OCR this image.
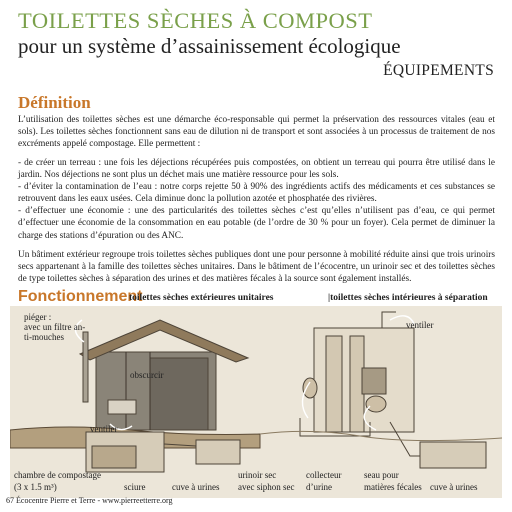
TOILETTES SÈCHES À COMPOST
pour un système d’assainissement écologique
ÉQUIPEMENTS
Définition
L’utilisation des toilettes sèches est une démarche éco-responsable qui permet la préservation des ressources vitales (eau et sols). Les toilettes sèches fonctionnent sans eau de dilution ni de transport et sont associées à un processus de traitement de nos excréments appelé compostage. Elle permettent :

- de créer un terreau : une fois les déjections récupérées puis compostées, on obtient un terreau qui pourra être utilisé dans le jardin. Nos déjections ne sont plus un déchet mais une matière ressource pour les sols.

- d’éviter la contamination de l’eau : notre corps rejette 50 à 90% des ingrédients actifs des médicaments et ces substances se retrouvent dans les eaux usées. Cela diminue donc la pollution azotée et phosphatée des rivières.

- d’effectuer une économie : une des particularités des toilettes sèches c’est qu’elles n’utilisent pas d’eau, ce qui permet d’effectuer une économie de la consommation en eau potable (de l’ordre de 30 % pour un foyer). Cela permet de diminuer la charge des stations d’épuration ou des ANC.

Un bâtiment extérieur regroupe trois toilettes sèches publiques dont une pour personne à mobilité réduite ainsi que trois urinoirs secs appartenant à la famille des toilettes sèches unitaires. Dans le bâtiment de l’écocentre, un urinoir sec et des toilettes sèches de type toilettes sèches à séparation des urines et des matières fécales à la source sont également installés.
Fonctionnement
toilettes sèches extérieures unitaires	|toilettes sèches intérieures à séparation
piéger :
avec un filtre an-
ti-mouches
obscurcir
ventiler
ventiler
chambre de compostage
(3 x 1.5 m³)	sciure	cuve à urines
urinoir sec
avec siphon sec
collecteur
d’urine
seau pour
matières fécales cuve à urines
67 Écocentre Pierre et Terre - www.pierreetterre.org
